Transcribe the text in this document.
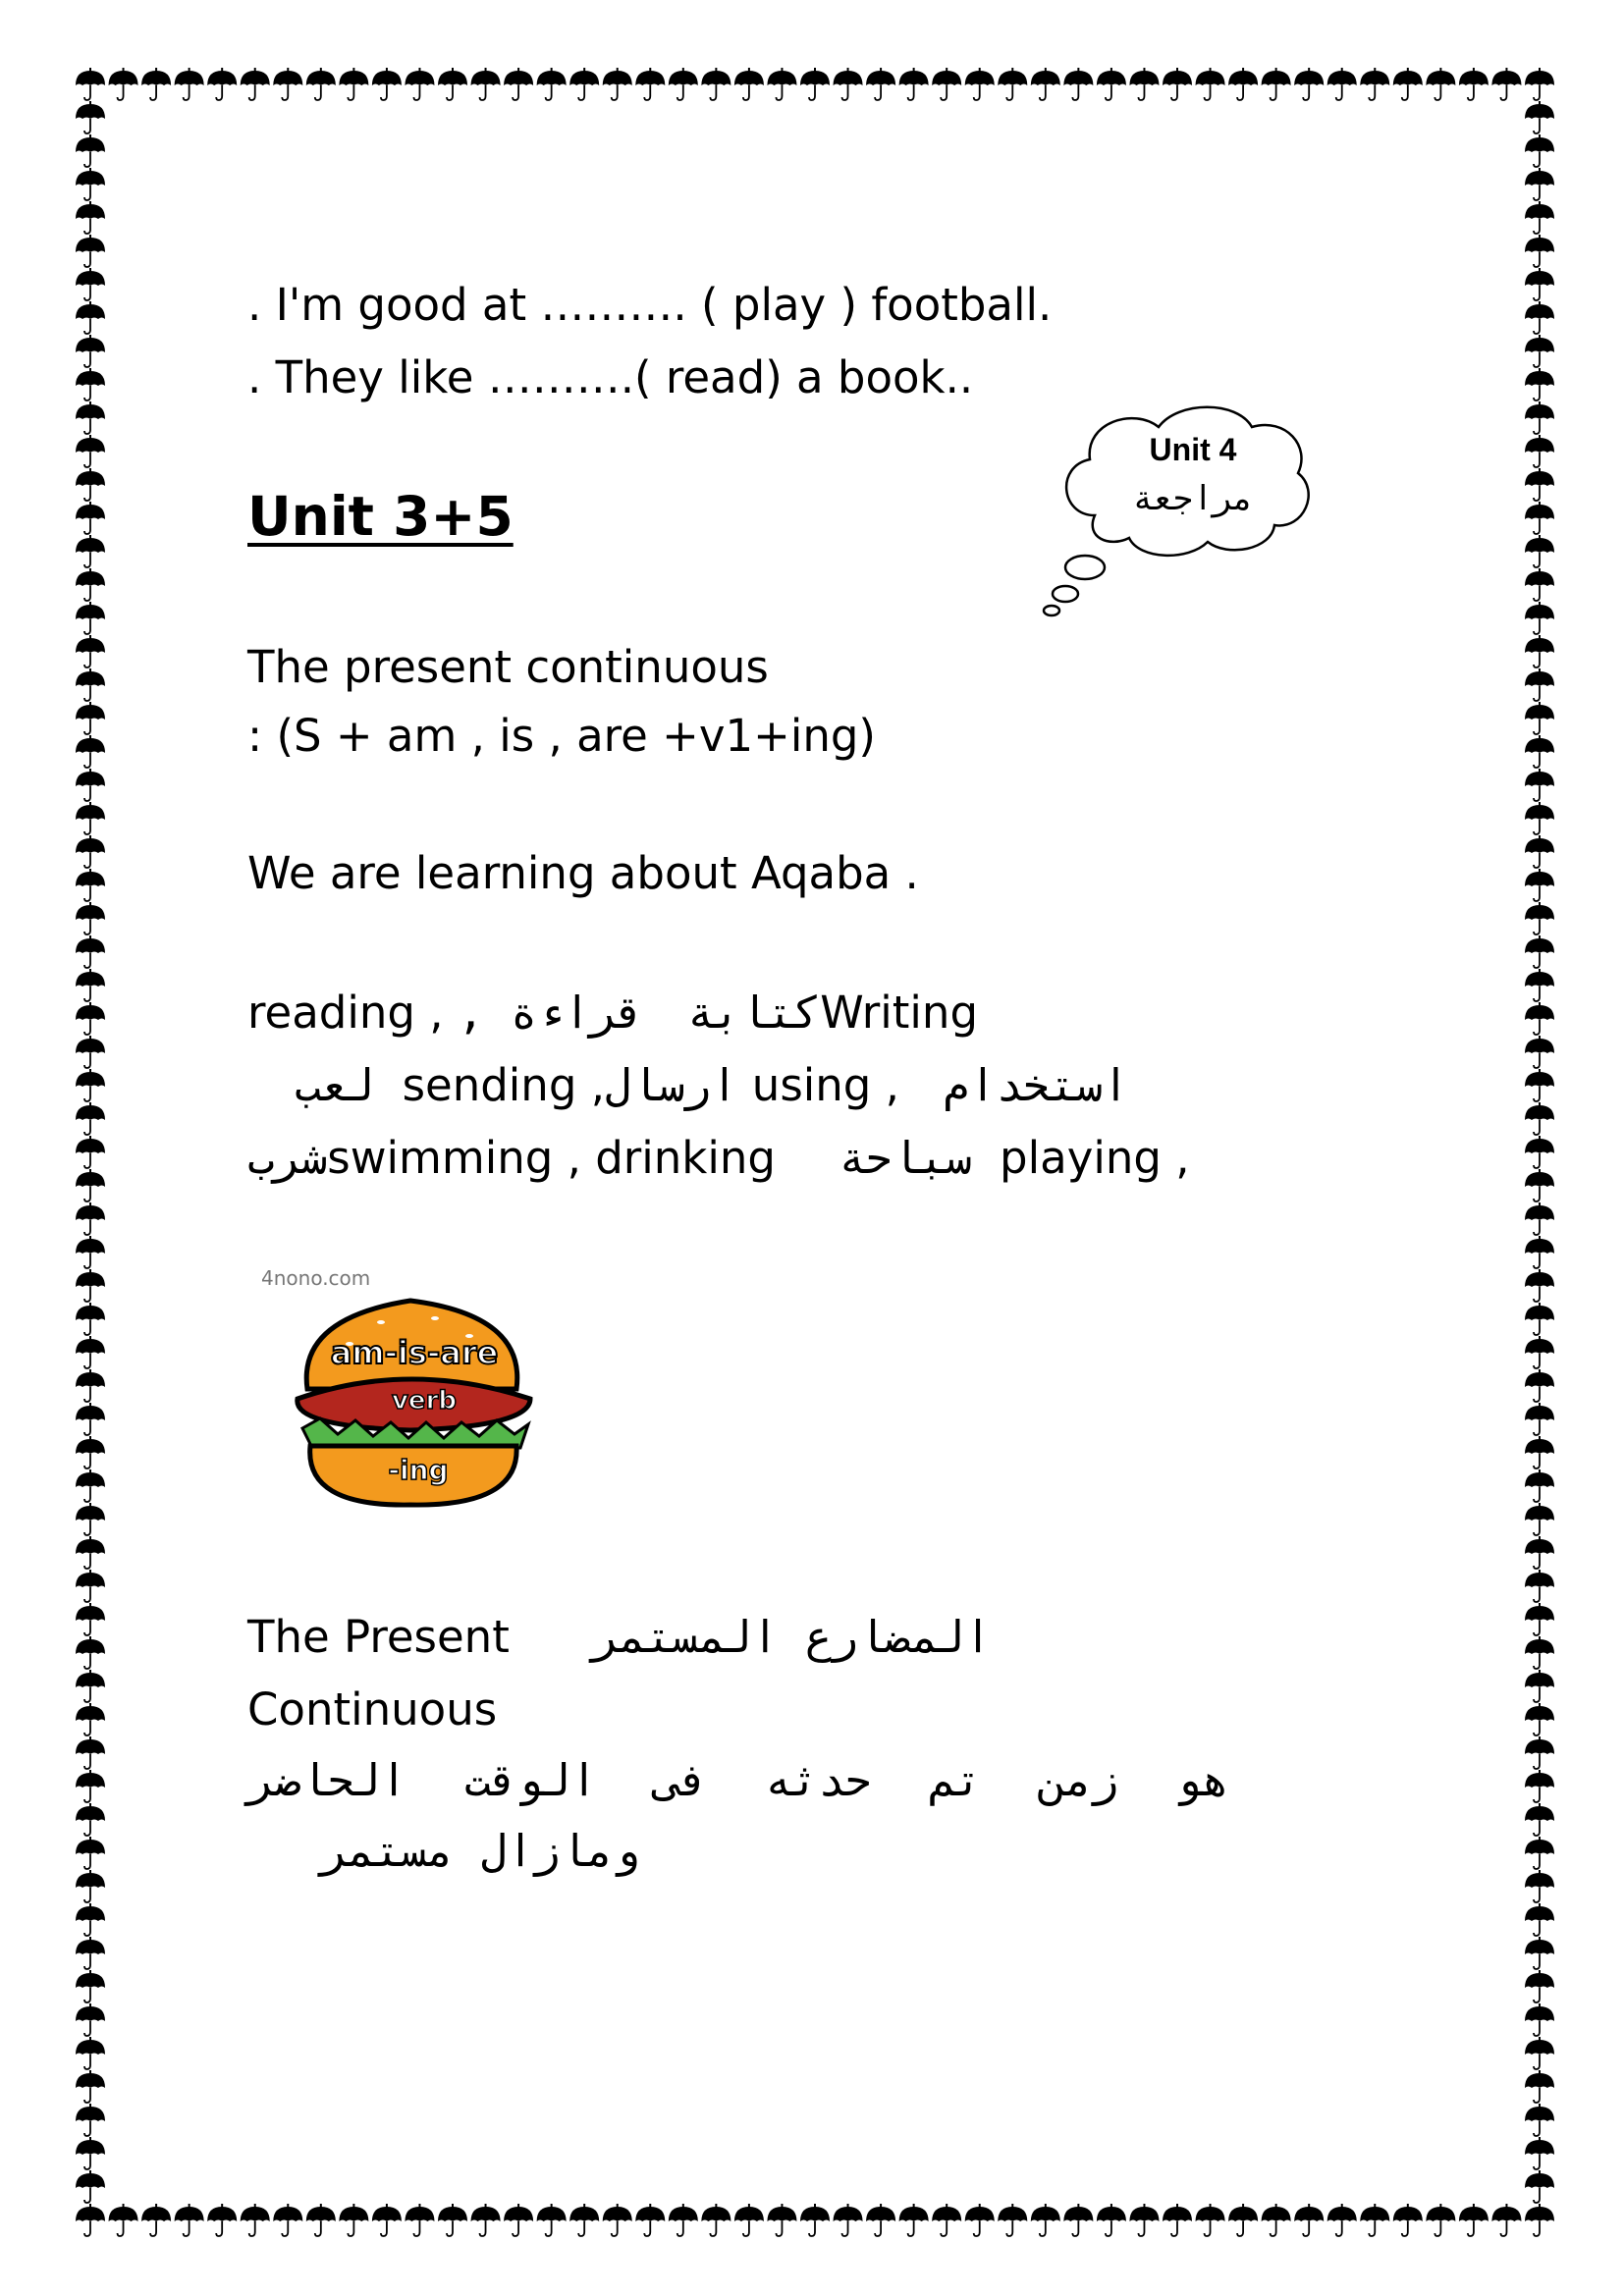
. I'm good at ………. ( play ) football.
. They like ……….( read) a book..
Unit 4
مراجعة
Unit 3+5
The present continuous
: (S + am , is , are +v1+ing)
We are learning about Aqaba .
reading , قراءة , كتابةWriting
لعب sending ,ارسال using , استخدام
شربswimming , drinking سباحة playing ,
4nono.com
am-is-are
verb
-ing
The Present المضارع المستمر
Continuous
هو زمن تم حدثه فى الوقت الحاضر
ومازال مستمر
